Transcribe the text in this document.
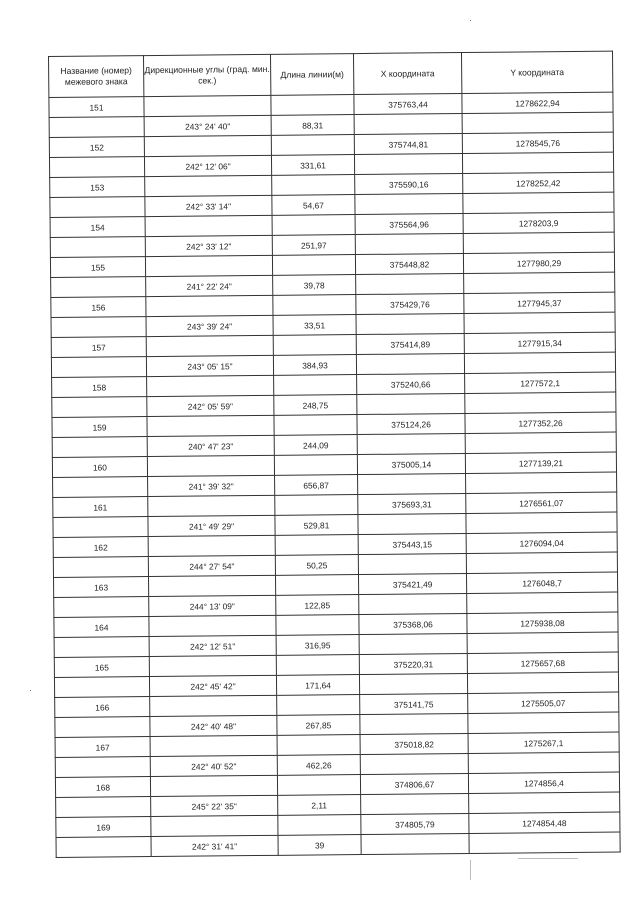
Название (номер) межевого знака	Дирекционные углы (град. мин. сек.)	Длина линии(м)	X координата	Y координата
151			375763,44	1278622,94
	243° 24' 40"	88,31		
152			375744,81	1278545,76
	242° 12' 06"	331,61		
153			375590,16	1278252,42
	242° 33' 14"	54,67		
154			375564,96	1278203,9
	242° 33' 12"	251,97		
155			375448,82	1277980,29
	241° 22' 24"	39,78		
156			375429,76	1277945,37
	243° 39' 24"	33,51		
157			375414,89	1277915,34
	243° 05' 15"	384,93		
158			375240,66	1277572,1
	242° 05' 59"	248,75		
159			375124,26	1277352,26
	240° 47' 23"	244,09		
160			375005,14	1277139,21
	241° 39' 32"	656,87		
161			375693,31	1276561,07
	241° 49' 29"	529,81		
162			375443,15	1276094,04
	244° 27' 54"	50,25		
163			375421,49	1276048,7
	244° 13' 09"	122,85		
164			375368,06	1275938,08
	242° 12' 51"	316,95		
165			375220,31	1275657,68
	242° 45' 42"	171,64		
166			375141,75	1275505,07
	242° 40' 48"	267,85		
167			375018,82	1275267,1
	242° 40' 52"	462,26		
168			374806,67	1274856,4
	245° 22' 35"	2,11		
169			374805,79	1274854,48
	242° 31' 41"	39		
